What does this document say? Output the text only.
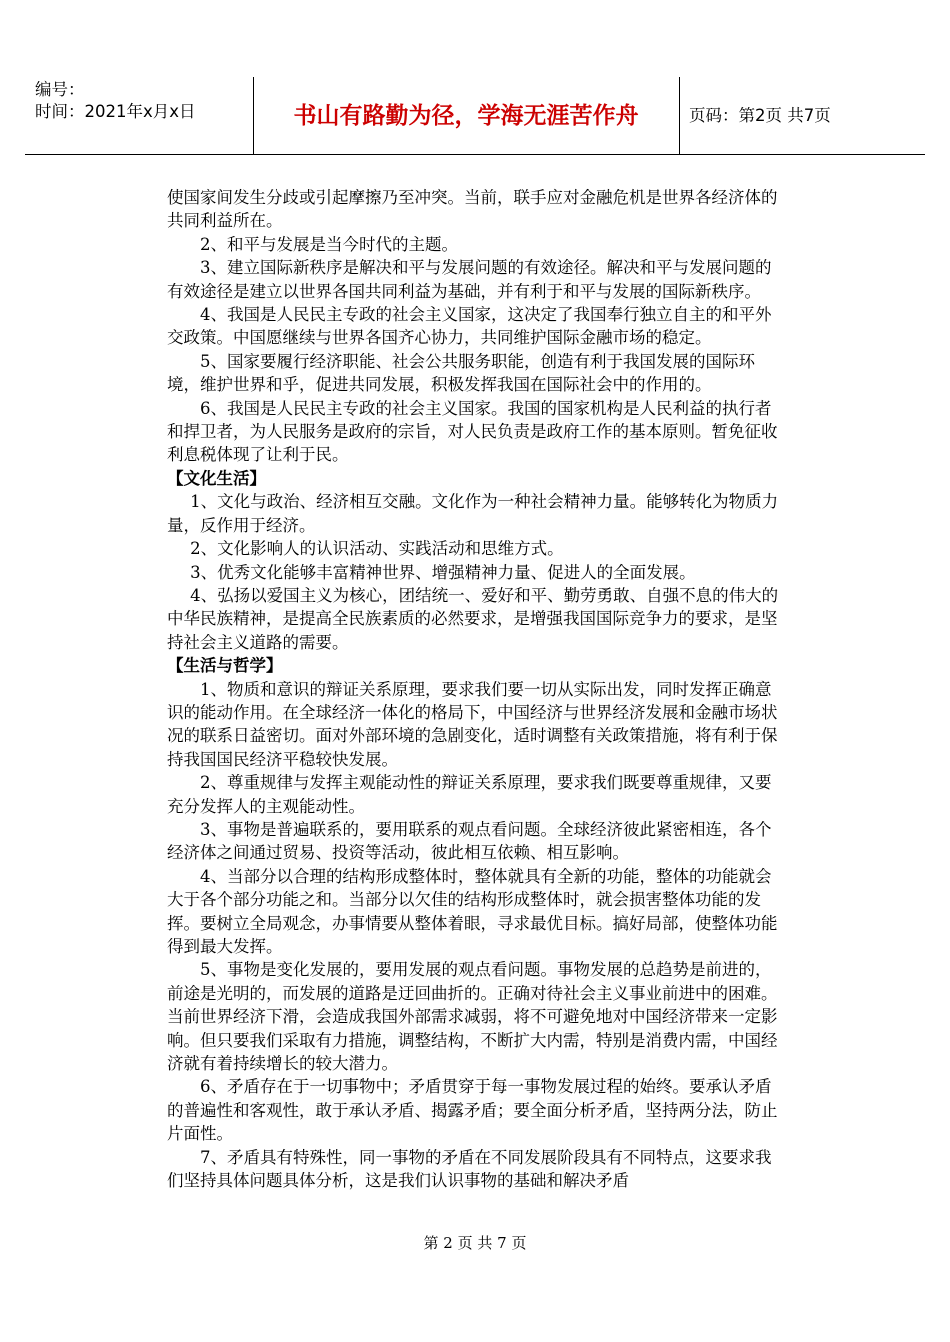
编号：
时间：2021年x月x日	书山有路勤为径，学海无涯苦作舟	页码：第2页 共7页

使国家间发生分歧或引起摩擦乃至冲突。当前，联手应对金融危机是世界各经济体的共同利益所在。

2、和平与发展是当今时代的主题。

3、建立国际新秩序是解决和平与发展问题的有效途径。解决和平与发展问题的有效途径是建立以世界各国共同利益为基础，并有利于和平与发展的国际新秩序。

4、我国是人民民主专政的社会主义国家，这决定了我国奉行独立自主的和平外交政策。中国愿继续与世界各国齐心协力，共同维护国际金融市场的稳定。

5、国家要履行经济职能、社会公共服务职能，创造有利于我国发展的国际环境，维护世界和乎，促进共同发展，积极发挥我国在国际社会中的作用的。

6、我国是人民民主专政的社会主义国家。我国的国家机构是人民利益的执行者和捍卫者，为人民服务是政府的宗旨，对人民负责是政府工作的基本原则。暂免征收利息税体现了让利于民。

【文化生活】

1、文化与政治、经济相互交融。文化作为一种社会精神力量。能够转化为物质力量，反作用于经济。

2、文化影响人的认识活动、实践活动和思维方式。

3、优秀文化能够丰富精神世界、增强精神力量、促进人的全面发展。

4、弘扬以爱国主义为核心，团结统一、爱好和平、勤劳勇敢、自强不息的伟大的中华民族精神，是提高全民族素质的必然要求，是增强我国国际竞争力的要求，是坚持社会主义道路的需要。

【生活与哲学】

1、物质和意识的辩证关系原理，要求我们要一切从实际出发，同时发挥正确意识的能动作用。在全球经济一体化的格局下，中国经济与世界经济发展和金融市场状况的联系日益密切。面对外部环境的急剧变化，适时调整有关政策措施，将有利于保持我国国民经济平稳较快发展。

2、尊重规律与发挥主观能动性的辩证关系原理，要求我们既要尊重规律，又要充分发挥人的主观能动性。

3、事物是普遍联系的，要用联系的观点看问题。全球经济彼此紧密相连，各个经济体之间通过贸易、投资等活动，彼此相互依赖、相互影响。

4、当部分以合理的结构形成整体时，整体就具有全新的功能，整体的功能就会大于各个部分功能之和。当部分以欠佳的结构形成整体时，就会损害整体功能的发挥。要树立全局观念，办事情要从整体着眼，寻求最优目标。搞好局部，使整体功能得到最大发挥。

5、事物是变化发展的，要用发展的观点看问题。事物发展的总趋势是前进的，前途是光明的，而发展的道路是迂回曲折的。正确对待社会主义事业前进中的困难。当前世界经济下滑，会造成我国外部需求减弱，将不可避免地对中国经济带来一定影响。但只要我们采取有力措施，调整结构，不断扩大内需，特别是消费内需，中国经济就有着持续增长的较大潜力。

6、矛盾存在于一切事物中；矛盾贯穿于每一事物发展过程的始终。要承认矛盾的普遍性和客观性，敢于承认矛盾、揭露矛盾；要全面分析矛盾，坚持两分法，防止片面性。

7、矛盾具有特殊性，同一事物的矛盾在不同发展阶段具有不同特点，这要求我们坚持具体问题具体分析，这是我们认识事物的基础和解决矛盾

第 2 页 共 7 页
